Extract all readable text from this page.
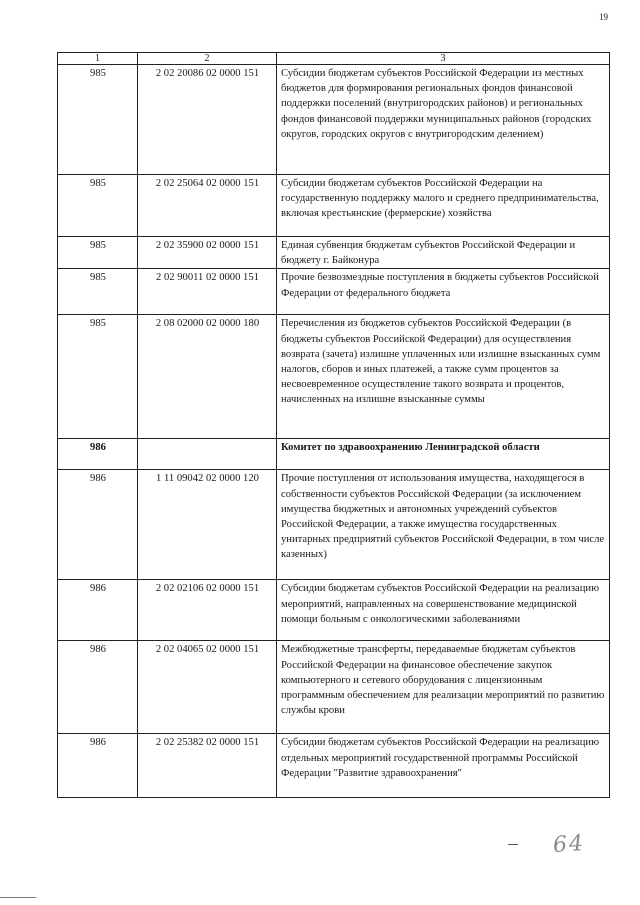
19
1	2	3
985	2 02 20086 02 0000 151	Субсидии бюджетам субъектов Российской Федерации из местных бюджетов для формирования региональных фондов финансовой поддержки поселений (внутригородских районов) и региональных фондов финансовой поддержки муниципальных районов (городских округов, городских округов с внутригородским делением)
985	2 02 25064 02 0000 151	Субсидии бюджетам субъектов Российской Федерации на государственную поддержку малого и среднего предпринимательства, включая крестьянские (фермерские) хозяйства
985	2 02 35900 02 0000 151	Единая субвенция бюджетам субъектов Российской Федерации и бюджету г. Байконура
985	2 02 90011 02 0000 151	Прочие безвозмездные поступления в бюджеты субъектов Российской Федерации от федерального бюджета
985	2 08 02000 02 0000 180	Перечисления из бюджетов субъектов Российской Федерации (в бюджеты субъектов Российской Федерации) для осуществления возврата (зачета) излишне уплаченных или излишне взысканных сумм налогов, сборов и иных платежей, а также сумм процентов за несвоевременное осуществление такого возврата и процентов, начисленных на излишне взысканные суммы
986		Комитет по здравоохранению Ленинградской области
986	1 11 09042 02 0000 120	Прочие поступления от использования имущества, находящегося в собственности субъектов Российской Федерации (за исключением имущества бюджетных и автономных учреждений субъектов Российской Федерации, а также имущества государственных унитарных предприятий субъектов Российской Федерации, в том числе казенных)
986	2 02 02106 02 0000 151	Субсидии бюджетам субъектов Российской Федерации на реализацию мероприятий, направленных на совершенствование медицинской помощи больным с онкологическими заболеваниями
986	2 02 04065 02 0000 151	Межбюджетные трансферты, передаваемые бюджетам субъектов Российской Федерации на финансовое обеспечение закупок компьютерного и сетевого оборудования с лицензионным программным обеспечением для реализации мероприятий по развитию службы крови
986	2 02 25382 02 0000 151	Субсидии бюджетам субъектов Российской Федерации на реализацию отдельных мероприятий государственной программы Российской Федерации "Развитие здравоохранения"
64
